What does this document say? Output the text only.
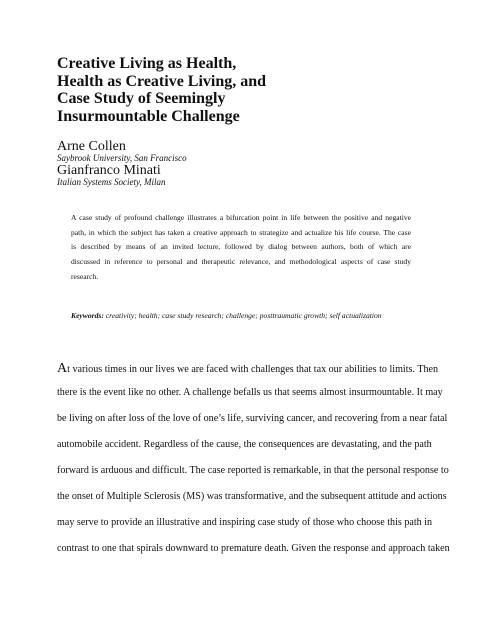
Creative Living as Health,
Health as Creative Living, and
Case Study of Seemingly
Insurmountable Challenge
Arne Collen
Saybrook University, San Francisco
Gianfranco Minati
Italian Systems Society, Milan
A case study of profound challenge illustrates a bifurcation point in life between the positive and negative
path, in which the subject has taken a creative approach to strategize and actualize his life course. The case
is described by means of an invited lecture, followed by dialog between authors, both of which are
discussed in reference to personal and therapeutic relevance, and methodological aspects of case study
research.
Keywords: creativity; health; case study research; challenge; posttraumatic growth; self actualization
At various times in our lives we are faced with challenges that tax our abilities to limits. Then
there is the event like no other. A challenge befalls us that seems almost insurmountable. It may
be living on after loss of the love of one’s life, surviving cancer, and recovering from a near fatal
automobile accident. Regardless of the cause, the consequences are devastating, and the path
forward is arduous and difficult. The case reported is remarkable, in that the personal response to
the onset of Multiple Sclerosis (MS) was transformative, and the subsequent attitude and actions
may serve to provide an illustrative and inspiring case study of those who choose this path in
contrast to one that spirals downward to premature death. Given the response and approach taken
